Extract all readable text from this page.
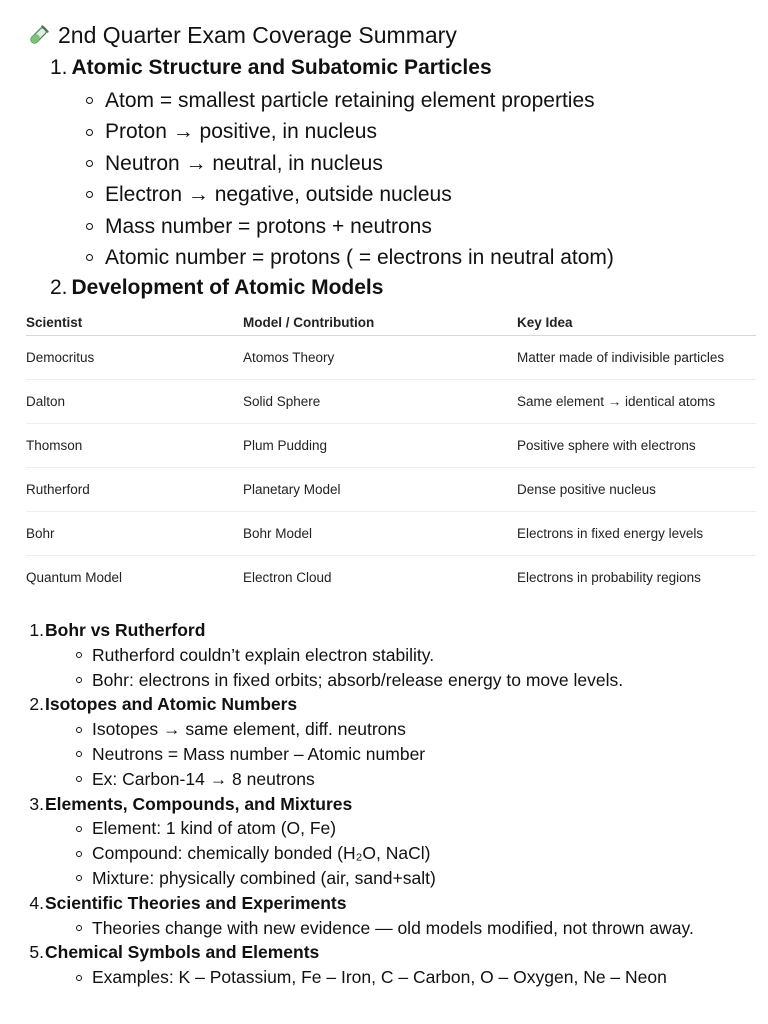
2nd Quarter Exam Coverage Summary
1. Atomic Structure and Subatomic Particles
Atom = smallest particle retaining element properties
Proton → positive, in nucleus
Neutron → neutral, in nucleus
Electron → negative, outside nucleus
Mass number = protons + neutrons
Atomic number = protons ( = electrons in neutral atom)
2. Development of Atomic Models
Scientist	Model / Contribution	Key Idea
Democritus	Atomos Theory	Matter made of indivisible particles
Dalton	Solid Sphere	Same element → identical atoms
Thomson	Plum Pudding	Positive sphere with electrons
Rutherford	Planetary Model	Dense positive nucleus
Bohr	Bohr Model	Electrons in fixed energy levels
Quantum Model	Electron Cloud	Electrons in probability regions
1. Bohr vs Rutherford
Rutherford couldn’t explain electron stability.
Bohr: electrons in fixed orbits; absorb/release energy to move levels.
2. Isotopes and Atomic Numbers
Isotopes → same element, diff. neutrons
Neutrons = Mass number – Atomic number
Ex: Carbon-14 → 8 neutrons
3. Elements, Compounds, and Mixtures
Element: 1 kind of atom (O, Fe)
Compound: chemically bonded (H₂O, NaCl)
Mixture: physically combined (air, sand+salt)
4. Scientific Theories and Experiments
Theories change with new evidence — old models modified, not thrown away.
5. Chemical Symbols and Elements
Examples: K – Potassium, Fe – Iron, C – Carbon, O – Oxygen, Ne – Neon
